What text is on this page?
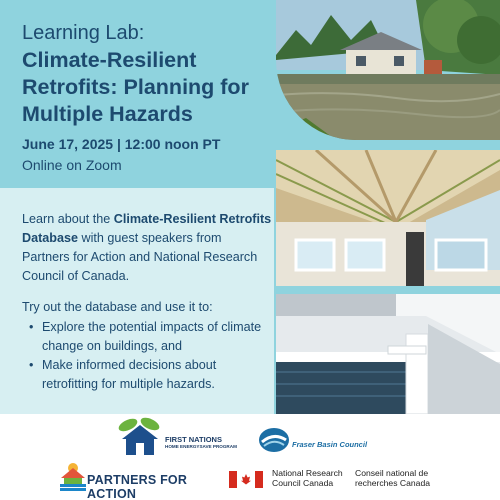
Learning Lab:
Climate-Resilient Retrofits: Planning for Multiple Hazards
June 17, 2025 | 12:00 noon PT
Online on Zoom

Learn about the Climate-Resilient Retrofits Database with guest speakers from Partners for Action and National Research Council of Canada.

Try out the database and use it to:

• Explore the potential impacts of climate change on buildings, and
• Make informed decisions about retrofitting for multiple hazards.
FIRST NATIONS
HOME ENERGYSAVE PROGRAM	Fraser Basin Council
PARTNERS FOR ACTION
National Research Council Canada
Conseil national de recherches Canada
